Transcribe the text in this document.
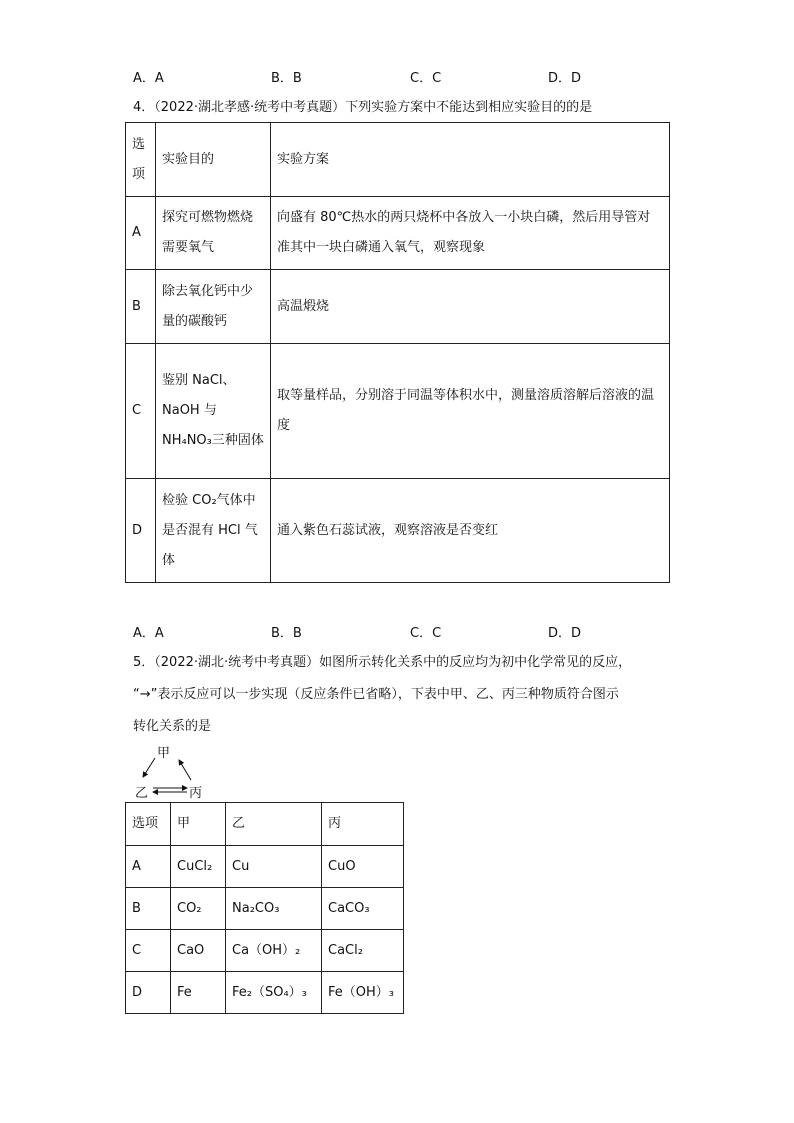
A．A	B．B	C．C	D．D
4．（2022·湖北孝感·统考中考真题）下列实验方案中不能达到相应实验目的的是
选项	实验目的	实验方案
A	探究可燃物燃烧需要氧气	向盛有 80℃热水的两只烧杯中各放入一小块白磷，然后用导管对准其中一块白磷通入氧气，观察现象
B	除去氧化钙中少量的碳酸钙	高温煅烧
C	鉴别 NaCl、NaOH 与 NH₄NO₃三种固体	取等量样品，分别溶于同温等体积水中，测量溶质溶解后溶液的温度
D	检验 CO₂气体中是否混有 HCl 气体	通入紫色石蕊试液，观察溶液是否变红
A．A	B．B	C．C	D．D
5．（2022·湖北·统考中考真题）如图所示转化关系中的反应均为初中化学常见的反应，
“→”表示反应可以一步实现（反应条件已省略），下表中甲、乙、丙三种物质符合图示
转化关系的是
甲
乙	丙
选项	甲	乙	丙
A	CuCl₂	Cu	CuO
B	CO₂	Na₂CO₃	CaCO₃
C	CaO	Ca（OH）₂	CaCl₂
D	Fe	Fe₂（SO₄）₃	Fe（OH）₃
